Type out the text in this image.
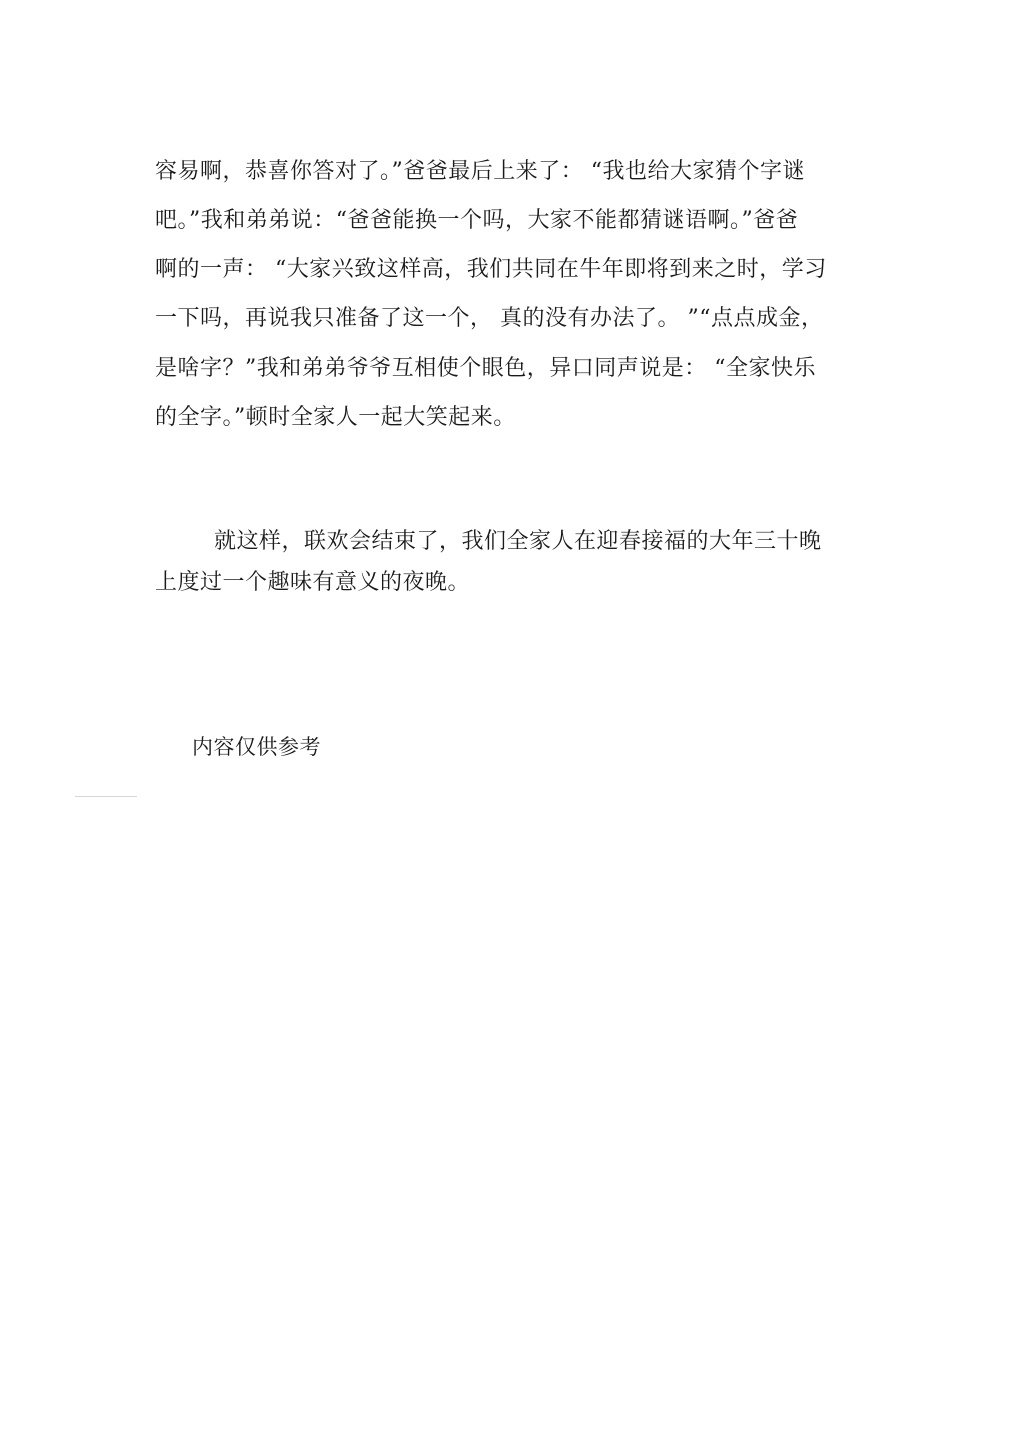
容易啊，恭喜你答对了。”爸爸最后上来了： “我也给大家猜个字谜
吧。”我和弟弟说：“爸爸能换一个吗，大家不能都猜谜语啊。”爸爸
啊的一声： “大家兴致这样高，我们共同在牛年即将到来之时，学习
一下吗，再说我只准备了这一个， 真的没有办法了。 ”“点点成金，
是啥字？”我和弟弟爷爷互相使个眼色，异口同声说是： “全家快乐
的全字。”顿时全家人一起大笑起来。
就这样，联欢会结束了，我们全家人在迎春接福的大年三十晚
上度过一个趣味有意义的夜晚。
内容仅供参考
